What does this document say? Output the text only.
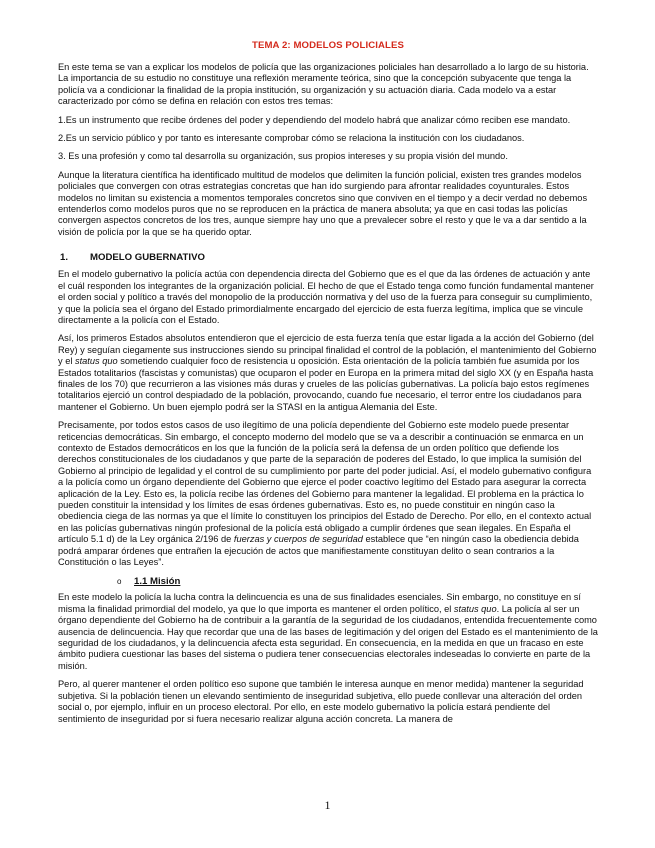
TEMA 2: MODELOS POLICIALES

En este tema se van a explicar los modelos de policía que las organizaciones policiales han desarrollado a lo largo de su historia. La importancia de su estudio no constituye una reflexión meramente teórica, sino que la concepción subyacente que tenga la policía va a condicionar la finalidad de la propia institución, su organización y su actuación diaria. Cada modelo va a estar caracterizado por cómo se defina en relación con estos tres temas:

1.Es un instrumento que recibe órdenes del poder y dependiendo del modelo habrá que analizar cómo reciben ese mandato.

2.Es un servicio público y por tanto es interesante comprobar cómo se relaciona la institución con los ciudadanos.

3. Es una profesión y como tal desarrolla su organización, sus propios intereses y su propia visión del mundo.

Aunque la literatura científica ha identificado multitud de modelos que delimiten la función policial, existen tres grandes modelos policiales que convergen con otras estrategias concretas que han ido surgiendo para afrontar realidades coyunturales. Estos modelos no limitan su existencia a momentos temporales concretos sino que conviven en el tiempo y a decir verdad no debemos entenderlos como modelos puros que no se reproducen en la práctica de manera absoluta; ya que en casi todas las policías convergen aspectos concretos de los tres, aunque siempre hay uno que a prevalecer sobre el resto y que le va a dar sentido a la visión de policía por la que se ha querido optar.

1.	MODELO GUBERNATIVO

En el modelo gubernativo la policía actúa con dependencia directa del Gobierno que es el que da las órdenes de actuación y ante el cuál responden los integrantes de la organización policial. El hecho de que el Estado tenga como función fundamental mantener el orden social y político a través del monopolio de la producción normativa y del uso de la fuerza para conseguir su cumplimiento, y que la policía sea el órgano del Estado primordialmente encargado del ejercicio de esta fuerza legítima, implica que se vincule directamente a la policía con el Estado.

Así, los primeros Estados absolutos entendieron que el ejercicio de esta fuerza tenía que estar ligada a la acción del Gobierno (del Rey) y seguían ciegamente sus instrucciones siendo su principal finalidad el control de la población, el mantenimiento del Gobierno y el status quo sometiendo cualquier foco de resistencia u oposición. Esta orientación de la policía también fue asumida por los Estados totalitarios (fascistas y comunistas) que ocuparon el poder en Europa en la primera mitad del siglo XX (y en España hasta finales de los 70) que recurrieron a las visiones más duras y crueles de las policías gubernativas. La policía bajo estos regímenes totalitarios ejerció un control despiadado de la población, provocando, cuando fue necesario, el terror entre los ciudadanos para mantener el Gobierno. Un buen ejemplo podrá ser la STASI en la antigua Alemania del Este.

Precisamente, por todos estos casos de uso ilegítimo de una policía dependiente del Gobierno este modelo puede presentar reticencias democráticas. Sin embargo, el concepto moderno del modelo que se va a describir a continuación se enmarca en un contexto de Estados democráticos en los que la función de la policía será la defensa de un orden político que defiende los derechos constitucionales de los ciudadanos y que parte de la separación de poderes del Estado, lo que implica la sumisión del Gobierno al principio de legalidad y el control de su cumplimiento por parte del poder judicial. Así, el modelo gubernativo configura a la policía como un órgano dependiente del Gobierno que ejerce el poder coactivo legítimo del Estado para asegurar la correcta aplicación de la Ley. Esto es, la policía recibe las órdenes del Gobierno para mantener la legalidad. El problema en la práctica lo pueden constituir la intensidad y los límites de esas órdenes gubernativas. Esto es, no puede constituir en ningún caso la obediencia ciega de las normas ya que el límite lo constituyen los principios del Estado de Derecho. Por ello, en el contexto actual en las policías gubernativas ningún profesional de la policía está obligado a cumplir órdenes que sean ilegales. En España el artículo 5.1 d) de la Ley orgánica 2/196 de fuerzas y cuerpos de seguridad establece que “en ningún caso la obediencia debida podrá amparar órdenes que entrañen la ejecución de actos que manifiestamente constituyan delito o sean contrarios a la Constitución o las Leyes”.

o	1.1 Misión

En este modelo la policía la lucha contra la delincuencia es una de sus finalidades esenciales. Sin embargo, no constituye en sí misma la finalidad primordial del modelo, ya que lo que importa es mantener el orden político, el status quo. La policía al ser un órgano dependiente del Gobierno ha de contribuir a la garantía de la seguridad de los ciudadanos, entendida frecuentemente como ausencia de delincuencia. Hay que recordar que una de las bases de legitimación y del origen del Estado es el mantenimiento de la seguridad de los ciudadanos, y la delincuencia afecta esta seguridad. En consecuencia, en la medida en que un fracaso en este ámbito pudiera cuestionar las bases del sistema o pudiera tener consecuencias electorales indeseadas lo convierte en parte de la misión.

Pero, al querer mantener el orden político eso supone que también le interesa aunque en menor medida) mantener la seguridad subjetiva. Si la población tienen un elevando sentimiento de inseguridad subjetiva, ello puede conllevar una alteración del orden social o, por ejemplo, influir en un proceso electoral. Por ello, en este modelo gubernativo la policía estará pendiente del sentimiento de inseguridad por si fuera necesario realizar alguna acción concreta. La manera de

1
